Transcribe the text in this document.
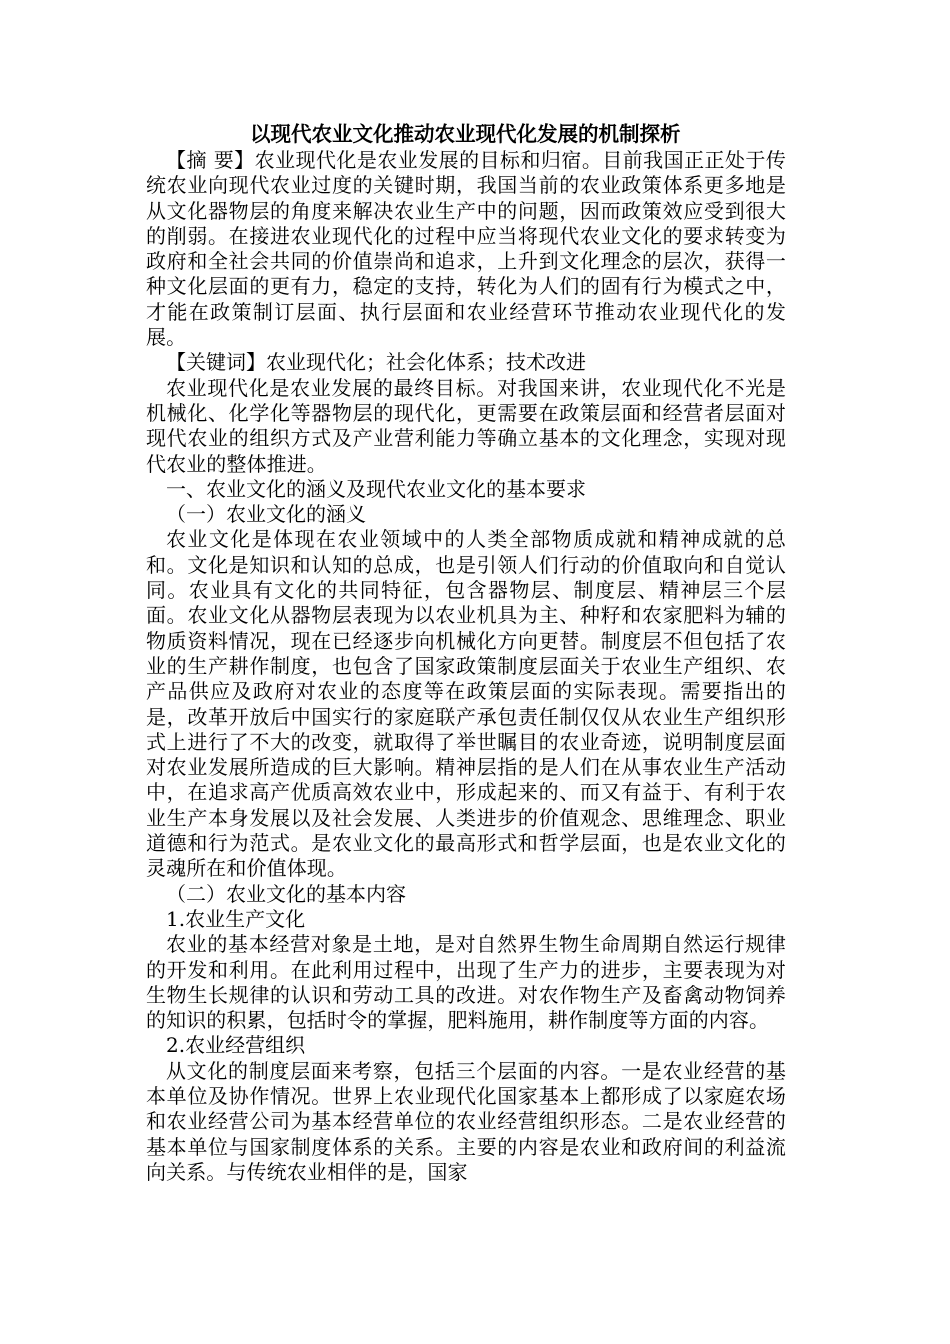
以现代农业文化推动农业现代化发展的机制探析

【摘 要】农业现代化是农业发展的目标和归宿。目前我国正正处于传统农业向现代农业过度的关键时期，我国当前的农业政策体系更多地是从文化器物层的角度来解决农业生产中的问题，因而政策效应受到很大的削弱。在接进农业现代化的过程中应当将现代农业文化的要求转变为政府和全社会共同的价值崇尚和追求，上升到文化理念的层次，获得一种文化层面的更有力，稳定的支持，转化为人们的固有行为模式之中，才能在政策制订层面、执行层面和农业经营环节推动农业现代化的发展。

【关键词】农业现代化；社会化体系；技术改进

农业现代化是农业发展的最终目标。对我国来讲，农业现代化不光是机械化、化学化等器物层的现代化，更需要在政策层面和经营者层面对现代农业的组织方式及产业营利能力等确立基本的文化理念，实现对现代农业的整体推进。

一、农业文化的涵义及现代农业文化的基本要求

（一）农业文化的涵义

农业文化是体现在农业领域中的人类全部物质成就和精神成就的总和。文化是知识和认知的总成，也是引领人们行动的价值取向和自觉认同。农业具有文化的共同特征，包含器物层、制度层、精神层三个层面。农业文化从器物层表现为以农业机具为主、种籽和农家肥料为辅的物质资料情况，现在已经逐步向机械化方向更替。制度层不但包括了农业的生产耕作制度，也包含了国家政策制度层面关于农业生产组织、农产品供应及政府对农业的态度等在政策层面的实际表现。需要指出的是，改革开放后中国实行的家庭联产承包责任制仅仅从农业生产组织形式上进行了不大的改变，就取得了举世瞩目的农业奇迹，说明制度层面对农业发展所造成的巨大影响。精神层指的是人们在从事农业生产活动中，在追求高产优质高效农业中，形成起来的、而又有益于、有利于农业生产本身发展以及社会发展、人类进步的价值观念、思维理念、职业道德和行为范式。是农业文化的最高形式和哲学层面，也是农业文化的灵魂所在和价值体现。

（二）农业文化的基本内容

1.农业生产文化

农业的基本经营对象是土地，是对自然界生物生命周期自然运行规律的开发和利用。在此利用过程中，出现了生产力的进步，主要表现为对生物生长规律的认识和劳动工具的改进。对农作物生产及畜禽动物饲养的知识的积累，包括时令的掌握，肥料施用，耕作制度等方面的内容。

2.农业经营组织

从文化的制度层面来考察，包括三个层面的内容。一是农业经营的基本单位及协作情况。世界上农业现代化国家基本上都形成了以家庭农场和农业经营公司为基本经营单位的农业经营组织形态。二是农业经营的基本单位与国家制度体系的关系。主要的内容是农业和政府间的利益流向关系。与传统农业相伴的是，国家
